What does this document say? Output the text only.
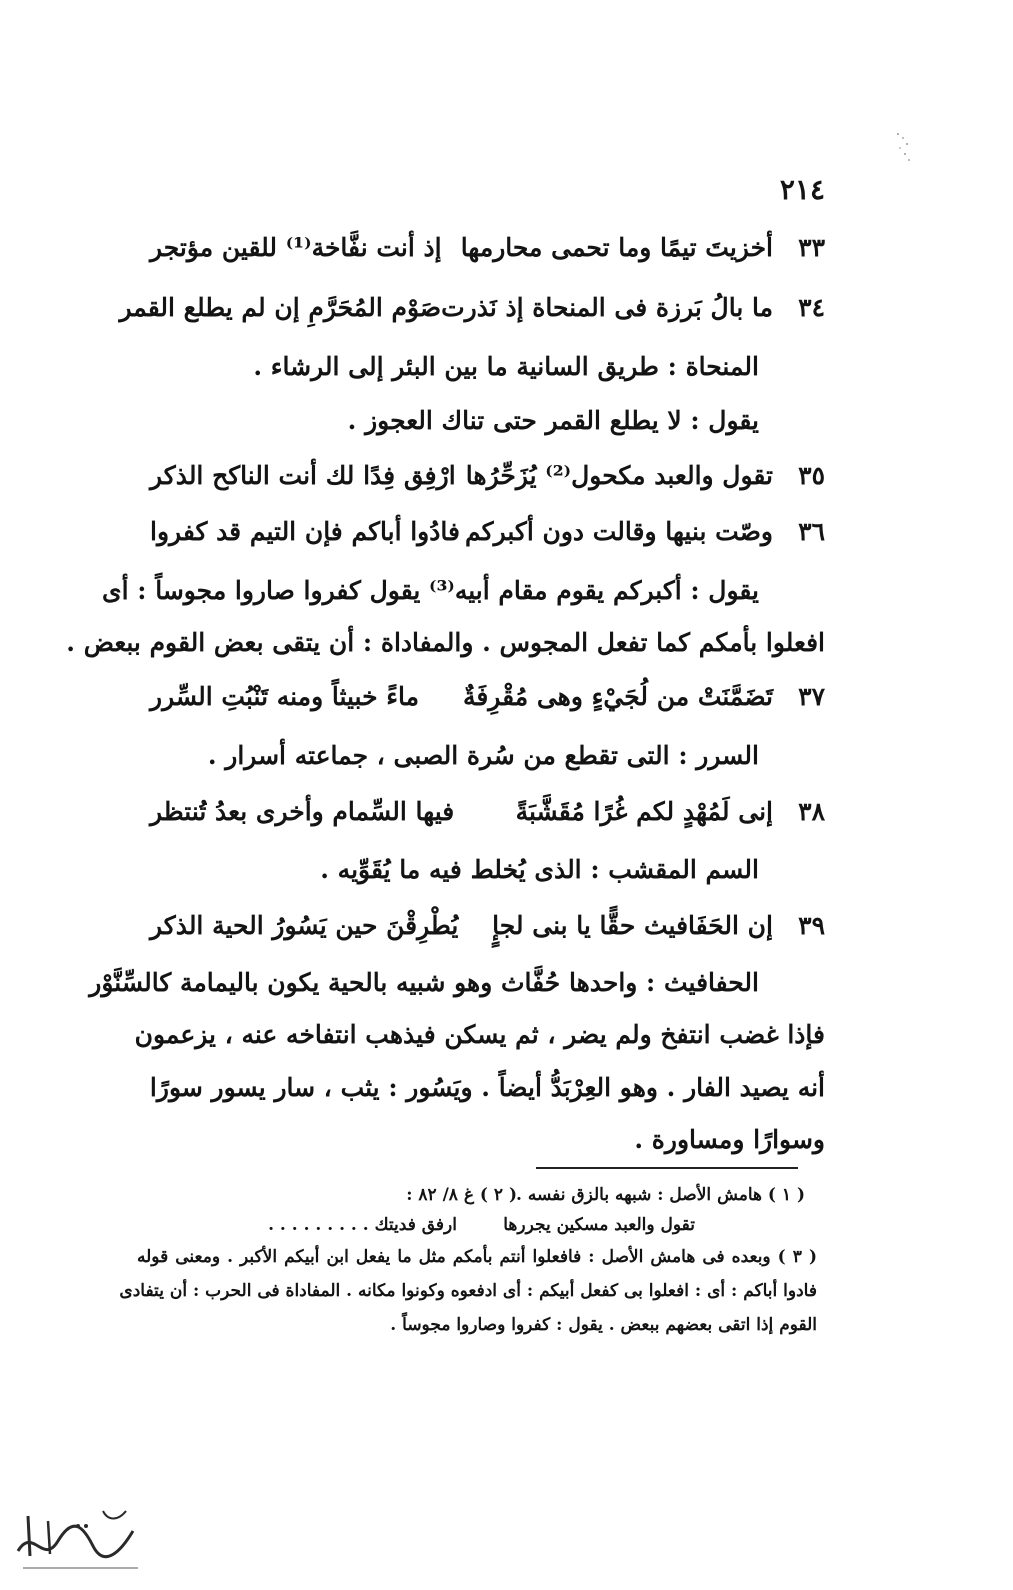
٢١٤
٣٣
أخزيتَ تيمًا وما تحمى محارمها
إذ أنت نفَّاخة⁽¹⁾ للقين مؤتجر
٣٤
ما بالُ بَرزة فى المنحاة إذ نَذرت
صَوْم المُحَرَّمِ إن لم يطلع القمر
المنحاة : طريق السانية ما بين البئر إلى الرشاء .
يقول : لا يطلع القمر حتى تناك العجوز .
٣٥
تقول والعبد مكحول⁽²⁾ يُزَحِّرُها
ارْفِق فِدًا لك أنت الناكح الذكر
٣٦
وصّت بنيها وقالت دون أكبركم
فادُوا أباكم فإن التيم قد كفروا
يقول : أكبركم يقوم مقام أبيه⁽³⁾ يقول كفروا صاروا مجوساً : أى
افعلوا بأمكم كما تفعل المجوس . والمفاداة : أن يتقى بعض القوم ببعض .
٣٧
تَضَمَّنَتْ من لُجَيْءٍ وهى مُقْرِفَةٌ
ماءً خبيثاً ومنه تَنْبُتِ السِّرر
السرر : التى تقطع من سُرة الصبى ، جماعته أسرار .
٣٨
إنى لَمُهْدٍ لكم غُرًا مُقَشَّبَةً
فيها السِّمام وأخرى بعدُ تُنتظر
السم المقشب : الذى يُخلط فيه ما يُقَوِّيه .
٣٩
إن الحَفَافيث حقًّا يا بنى لجإٍ
يُطْرِقْنَ حين يَسُورُ الحية الذكر
الحفافيث : واحدها حُفَّاث وهو شبيه بالحية يكون باليمامة كالسِّنَّوْر
فإذا غضب انتفخ ولم يضر ، ثم يسكن فيذهب انتفاخه عنه ، يزعمون
أنه يصيد الفار . وهو العِرْبَدُّ أيضاً . ويَسُور : يثب ، سار يسور سورًا
وسوارًا ومساورة .
( ١ ) هامش الأصل : شبهه بالزق نفسه .
( ٢ ) غ ٨/ ٨٢ :
تقول والعبد مسكين يجررها
ارفق فديتك . . . . . . . . .
( ٣ ) وبعده فى هامش الأصل : فافعلوا أنتم بأمكم مثل ما يفعل ابن أبيكم الأكبر . ومعنى قوله
فادوا أباكم : أى : افعلوا بى كفعل أبيكم : أى ادفعوه وكونوا مكانه . المفاداة فى الحرب : أن يتفادى
القوم إذا اتقى بعضهم ببعض . يقول : كفروا وصاروا مجوساً .
